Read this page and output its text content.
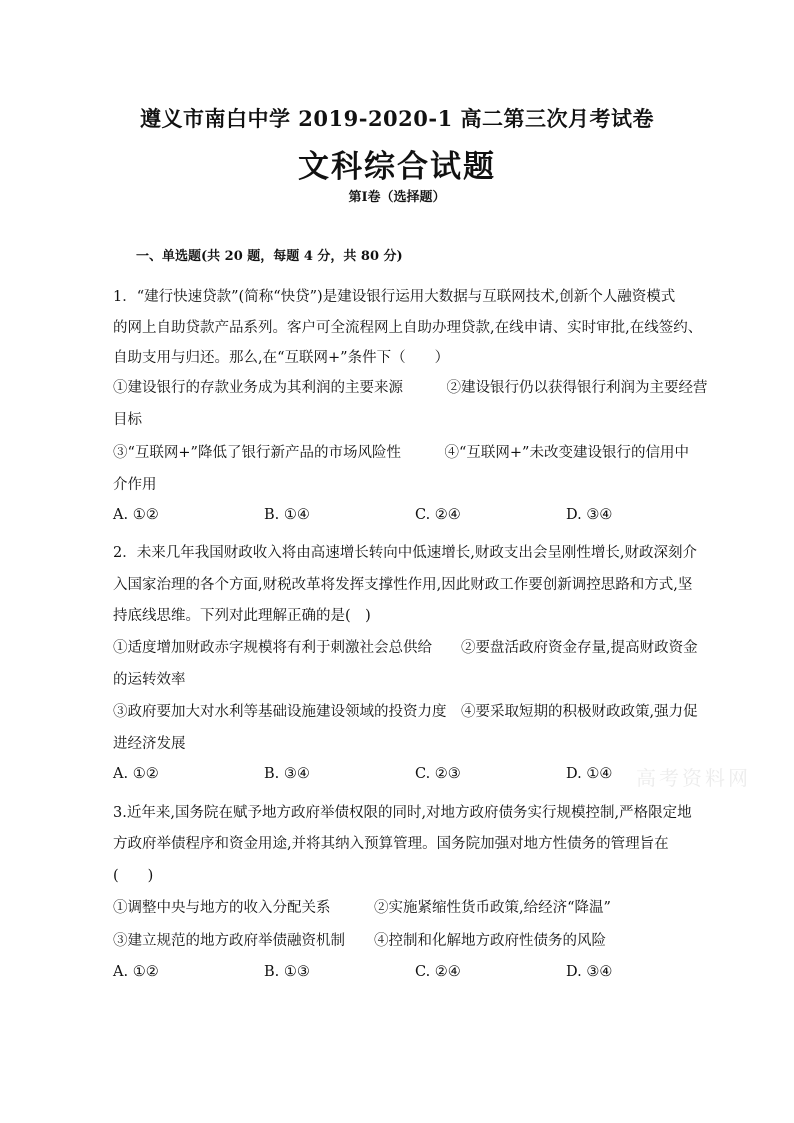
遵义市南白中学 2019-2020-1 高二第三次月考试卷
文科综合试题
第Ⅰ卷（选择题）
一、单选题(共 20 题，每题 4 分，共 80 分)
1．“建行快速贷款”(简称“快贷”)是建设银行运用大数据与互联网技术,创新个人融资模式
的网上自助贷款产品系列。客户可全流程网上自助办理贷款,在线申请、实时审批,在线签约、
自助支用与归还。那么,在“互联网+”条件下（　　）
①建设银行的存款业务成为其利润的主要来源　　　②建设银行仍以获得银行利润为主要经营
目标
③“互联网+”降低了银行新产品的市场风险性　　　④“互联网+”未改变建设银行的信用中
介作用
A. ①②	B. ①④	C. ②④	D. ③④
2．未来几年我国财政收入将由高速增长转向中低速增长,财政支出会呈刚性增长,财政深刻介
入国家治理的各个方面,财税改革将发挥支撑性作用,因此财政工作要创新调控思路和方式,坚
持底线思维。下列对此理解正确的是(　)
①适度增加财政赤字规模将有利于刺激社会总供给　　②要盘活政府资金存量,提高财政资金
的运转效率
③政府要加大对水利等基础设施建设领域的投资力度　④要采取短期的积极财政政策,强力促
进经济发展
A. ①②	B. ③④	C. ②③	D. ①④ 高考资料网
3.近年来,国务院在赋予地方政府举债权限的同时,对地方政府债务实行规模控制,严格限定地
方政府举债程序和资金用途,并将其纳入预算管理。国务院加强对地方性债务的管理旨在
(　　)
①调整中央与地方的收入分配关系　　　②实施紧缩性货币政策,给经济“降温”
③建立规范的地方政府举债融资机制　　④控制和化解地方政府性债务的风险
A. ①②	B. ①③	C. ②④	D. ③④
